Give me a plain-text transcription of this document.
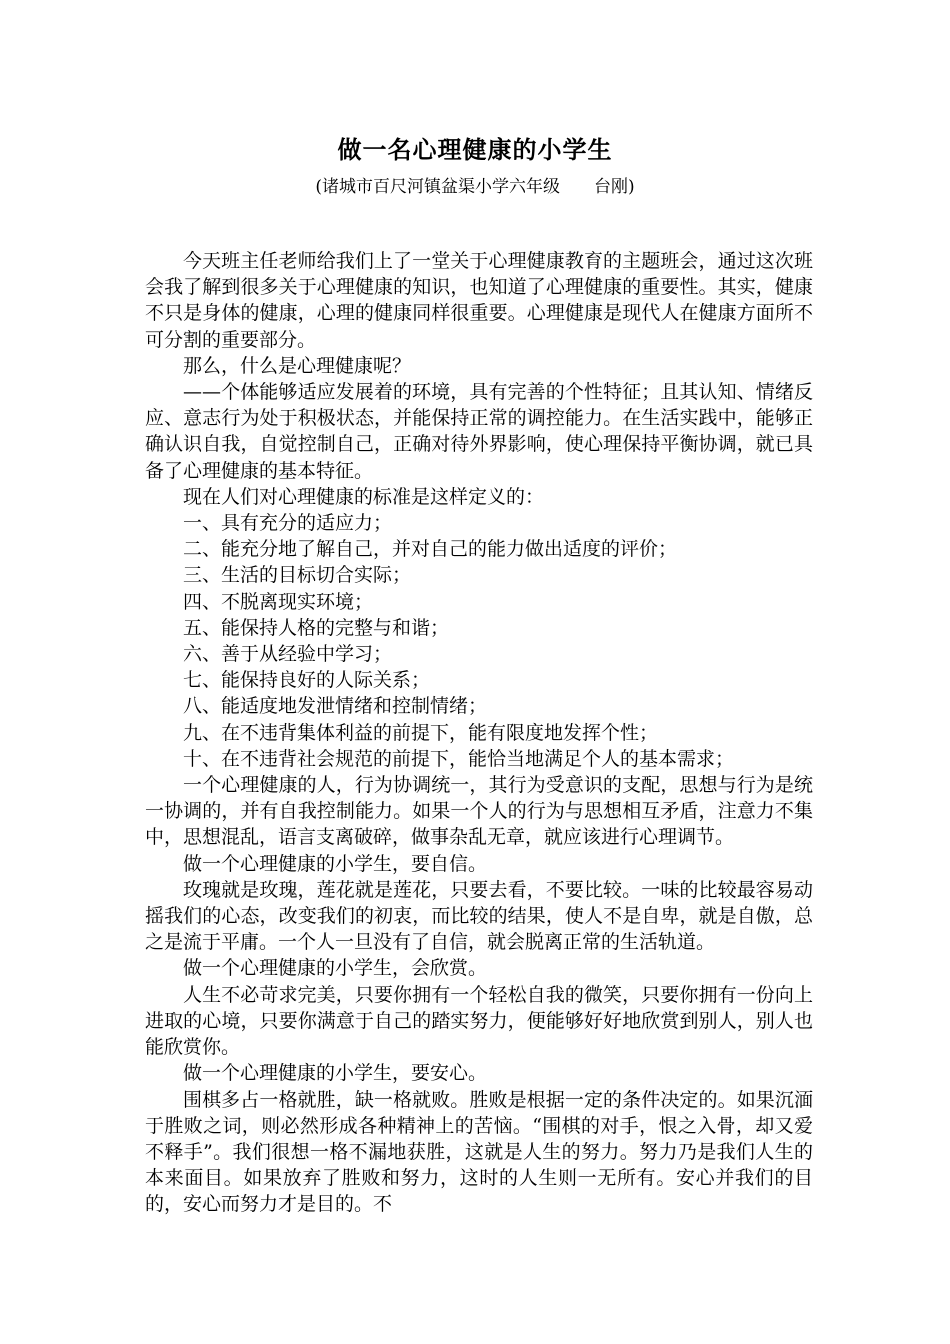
做一名心理健康的小学生
(诸城市百尺河镇盆渠小学六年级　　台刚)

今天班主任老师给我们上了一堂关于心理健康教育的主题班会，通过这次班会我了解到很多关于心理健康的知识，也知道了心理健康的重要性。其实，健康不只是身体的健康，心理的健康同样很重要。心理健康是现代人在健康方面所不可分割的重要部分。

那么，什么是心理健康呢？

——个体能够适应发展着的环境，具有完善的个性特征；且其认知、情绪反应、意志行为处于积极状态，并能保持正常的调控能力。在生活实践中，能够正确认识自我，自觉控制自己，正确对待外界影响，使心理保持平衡协调，就已具备了心理健康的基本特征。

现在人们对心理健康的标准是这样定义的：

一、具有充分的适应力；

二、能充分地了解自己，并对自己的能力做出适度的评价；

三、生活的目标切合实际；

四、不脱离现实环境；

五、能保持人格的完整与和谐；

六、善于从经验中学习；

七、能保持良好的人际关系；

八、能适度地发泄情绪和控制情绪；

九、在不违背集体利益的前提下，能有限度地发挥个性；

十、在不违背社会规范的前提下，能恰当地满足个人的基本需求；

一个心理健康的人，行为协调统一，其行为受意识的支配，思想与行为是统一协调的，并有自我控制能力。如果一个人的行为与思想相互矛盾，注意力不集中，思想混乱，语言支离破碎，做事杂乱无章，就应该进行心理调节。

做一个心理健康的小学生，要自信。

玫瑰就是玫瑰，莲花就是莲花，只要去看，不要比较。一味的比较最容易动摇我们的心态，改变我们的初衷，而比较的结果，使人不是自卑，就是自傲，总之是流于平庸。一个人一旦没有了自信，就会脱离正常的生活轨道。

做一个心理健康的小学生，会欣赏。

人生不必苛求完美，只要你拥有一个轻松自我的微笑，只要你拥有一份向上进取的心境，只要你满意于自己的踏实努力，便能够好好地欣赏到别人，别人也能欣赏你。

做一个心理健康的小学生，要安心。

围棋多占一格就胜，缺一格就败。胜败是根据一定的条件决定的。如果沉湎于胜败之词，则必然形成各种精神上的苦恼。“围棋的对手，恨之入骨，却又爱不释手”。我们很想一格不漏地获胜，这就是人生的努力。努力乃是我们人生的本来面目。如果放弃了胜败和努力，这时的人生则一无所有。安心并我们的目的，安心而努力才是目的。不
